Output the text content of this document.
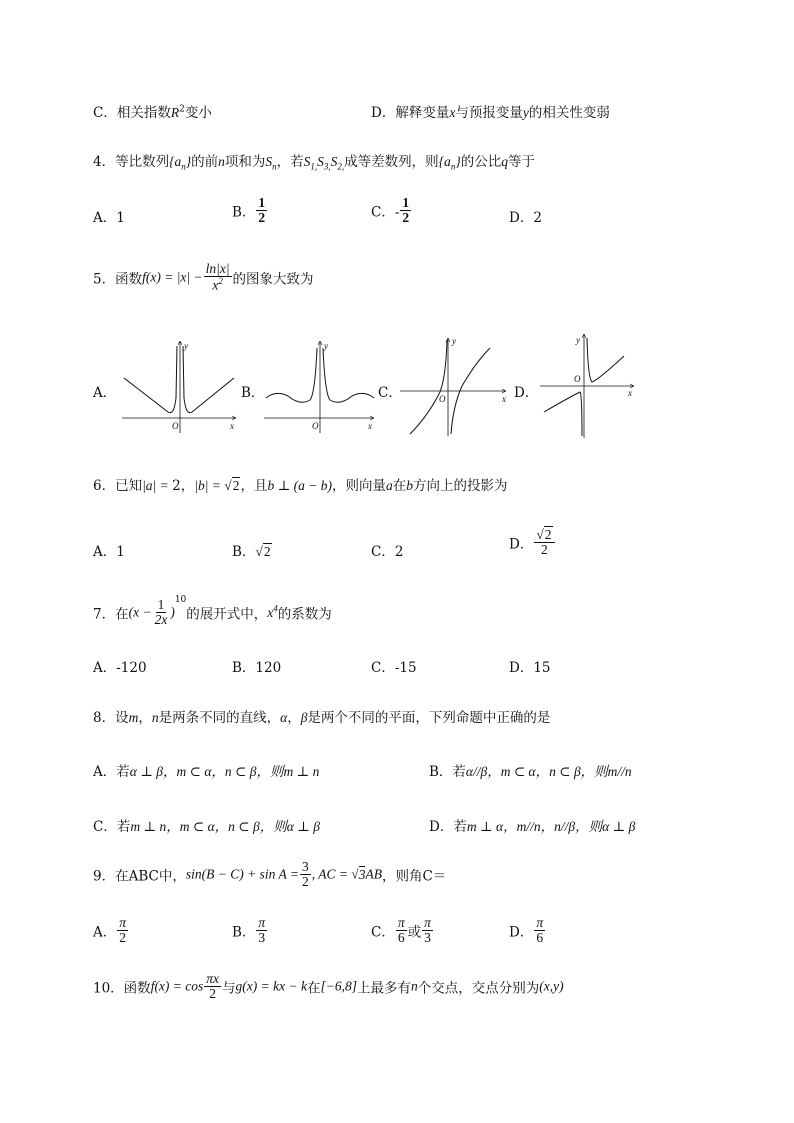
C．相关指数$R^2$变小	D．解释变量x与预报变量y的相关性变弱
4．等比数列$\{a_n\}$的前n项和为$S_n$，若$S_{1,}S_{3,}S_{2,}$成等差数列，则$\{a_n\}$的公比q等于
A．1	B． $\frac{1}{2}$	C．- $\frac{1}{2}$	D．2
5．函数$f(x) = |x| - \frac{\ln|x|}{x^2}$ 的图象大致为
A．	B．	C．	D．
y
x
O
y
x
O
y
x
O
y
x
O
6．已知|a| = 2，|b| = √2，且b ⊥ (a − b)，则向量a在b方向上的投影为
A．1	B．√2	C．2	D． $\frac{√2}{2}$
7．在$(x - \frac{1}{2x} )^{10}$的展开式中，$x^4$的系数为
A．-120	B．120	C．-15	D．15
8．设m，n是两条不同的直线，α，β是两个不同的平面，下列命题中正确的是
A．若α ⊥ β，m ⊂ α，n ⊂ β，则m ⊥ n	B．若α//β，m ⊂ α，n ⊂ β，则m//n
C．若m ⊥ n，m ⊂ α，n ⊂ β，则α ⊥ β	D．若m ⊥ α，m//n，n//β，则α ⊥ β
9．在ABC中，$\sin(B - C) + \sin A = \frac{3}{2}$ , AC = √3AB，则角C＝
A． $\frac{\pi}{2}$	B． $\frac{\pi}{3}$	C． $\frac{\pi}{6}$ 或 $\frac{\pi}{3}$	D． $\frac{\pi}{6}$
10．函数$f(x) = \cos \frac{\pi x}{2}$ 与g(x) = kx − k在[−6,8]上最多有n个交点，交点分别为(x,y)
